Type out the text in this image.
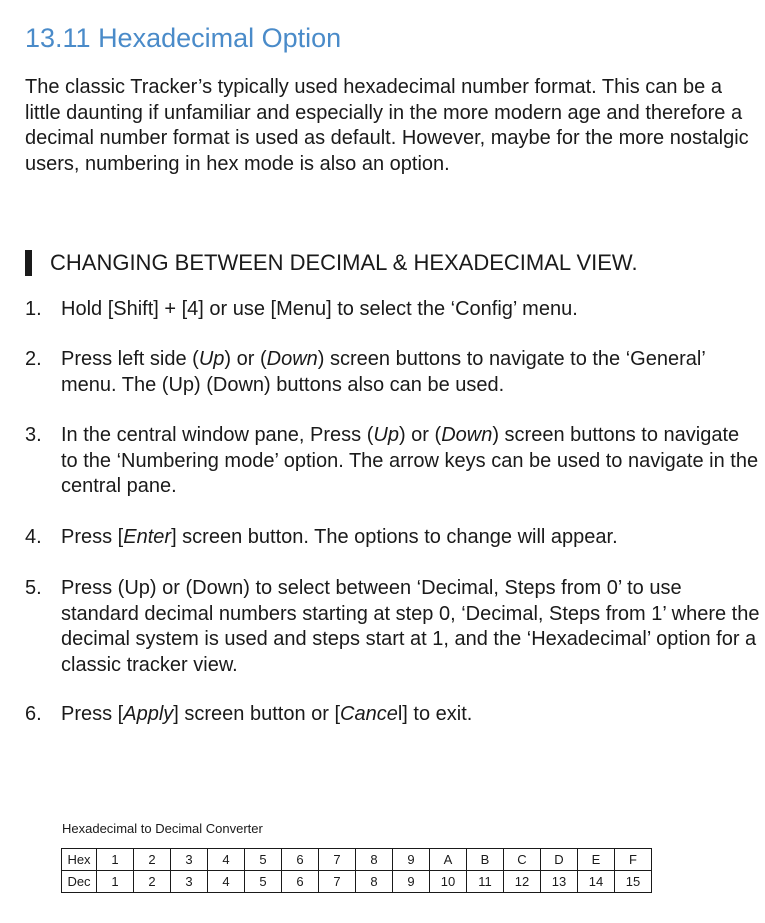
13.11 Hexadecimal Option

The classic Tracker’s typically used hexadecimal number format. This can be a little daunting if unfamiliar and especially in the more modern age and therefore a decimal number format is used as default. However, maybe for the more nostalgic users, numbering in hex mode is also an option.

CHANGING BETWEEN DECIMAL & HEXADECIMAL VIEW.
1. Hold [Shift] + [4] or use [Menu] to select the ‘Config’ menu.
2. Press left side (Up) or (Down) screen buttons to navigate to the ‘General’ menu. The (Up) (Down) buttons also can be used.
3. In the central window pane, Press (Up) or (Down) screen buttons to navigate to the ‘Numbering mode’ option. The arrow keys can be used to navigate in the central pane.
4. Press [Enter] screen button. The options to change will appear.
5. Press (Up) or (Down) to select between ‘Decimal, Steps from 0’ to use standard decimal numbers starting at step 0, ‘Decimal, Steps from 1’ where the decimal system is used and steps start at 1, and the ‘Hexadecimal’ option for a classic tracker view.
6. Press [Apply] screen button or [Cancel] to exit.
Hexadecimal to Decimal Converter
Hex	1	2	3	4	5	6	7	8	9	A	B	C	D	E	F
Dec	1	2	3	4	5	6	7	8	9	10	11	12	13	14	15
